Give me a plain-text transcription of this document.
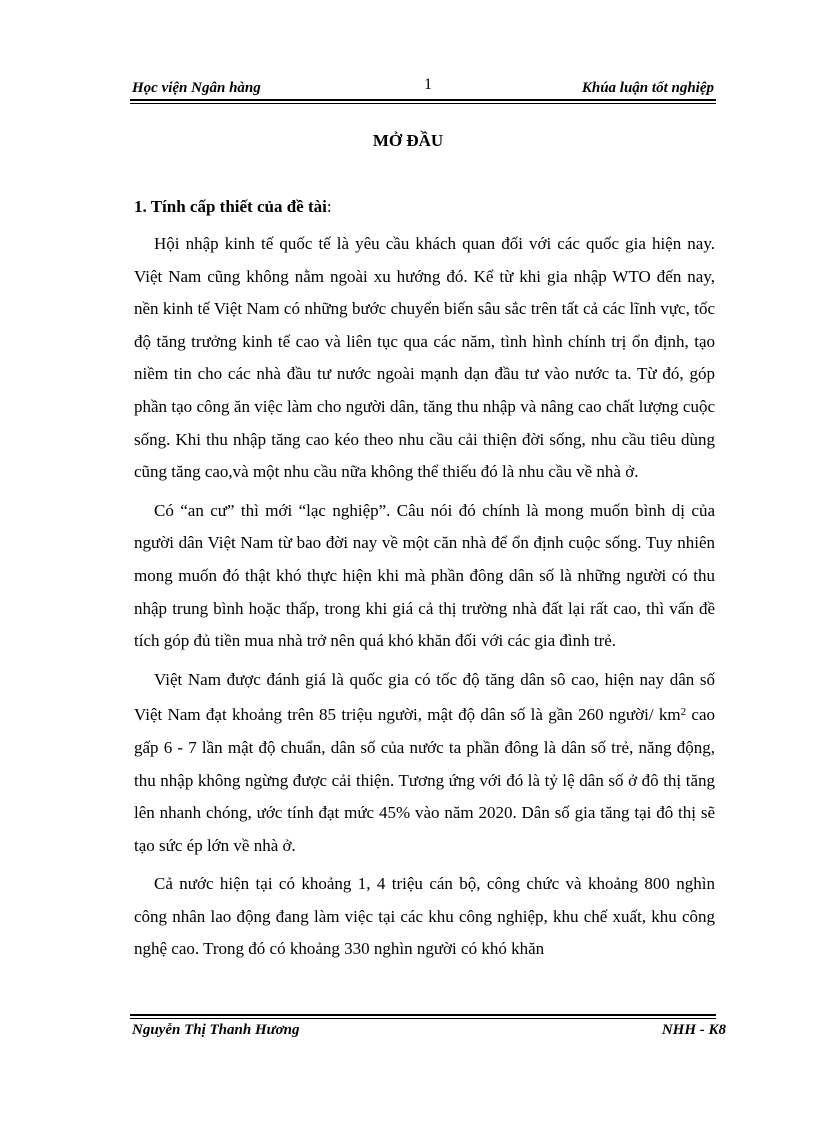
Học viện Ngân hàng	1	Khúa luận tốt nghiệp
MỞ ĐẦU
1. Tính cấp thiết của đề tài:

Hội nhập kinh tế quốc tế là yêu cầu khách quan đối với các quốc gia hiện nay. Việt Nam cũng không nằm ngoài xu hướng đó. Kể từ khi gia nhập WTO đến nay, nền kinh tế Việt Nam có những bước chuyển biến sâu sắc trên tất cả các lĩnh vực, tốc độ tăng trưởng kinh tế cao và liên tục qua các năm, tình hình chính trị ổn định, tạo niềm tin cho các nhà đầu tư nước ngoài mạnh dạn đầu tư vào nước ta. Từ đó, góp phần tạo công ăn việc làm cho người dân, tăng thu nhập và nâng cao chất lượng cuộc sống. Khi thu nhập tăng cao kéo theo nhu cầu cải thiện đời sống, nhu cầu tiêu dùng cũng tăng cao,và một nhu cầu nữa không thể thiếu đó là nhu cầu về nhà ở.

Có “an cư” thì mới “lạc nghiệp”. Câu nói đó chính là mong muốn bình dị của người dân Việt Nam từ bao đời nay về một căn nhà để ổn định cuộc sống. Tuy nhiên mong muốn đó thật khó thực hiện khi mà phần đông dân số là những người có thu nhập trung bình hoặc thấp, trong khi giá cả thị trường nhà đất lại rất cao, thì vấn đề tích góp đủ tiền mua nhà trở nên quá khó khăn đối với các gia đình trẻ.

Việt Nam được đánh giá là quốc gia có tốc độ tăng dân sô cao, hiện nay dân số Việt Nam đạt khoảng trên 85 triệu người, mật độ dân số là gần 260 người/ $km^2$ cao gấp 6 - 7 lần mật độ chuẩn, dân số của nước ta phần đông là dân số trẻ, năng động, thu nhập không ngừng được cải thiện. Tương ứng với đó là tỷ lệ dân số ở đô thị tăng lên nhanh chóng, ước tính đạt mức 45% vào năm 2020. Dân số gia tăng tại đô thị sẽ tạo sức ép lớn về nhà ở.

Cả nước hiện tại có khoảng 1, 4 triệu cán bộ, công chức và khoảng 800 nghìn công nhân lao động đang làm việc tại các khu công nghiệp, khu chế xuất, khu công nghệ cao. Trong đó có khoảng 330 nghìn người có khó khăn

Nguyễn Thị Thanh Hương	NHH - K8
